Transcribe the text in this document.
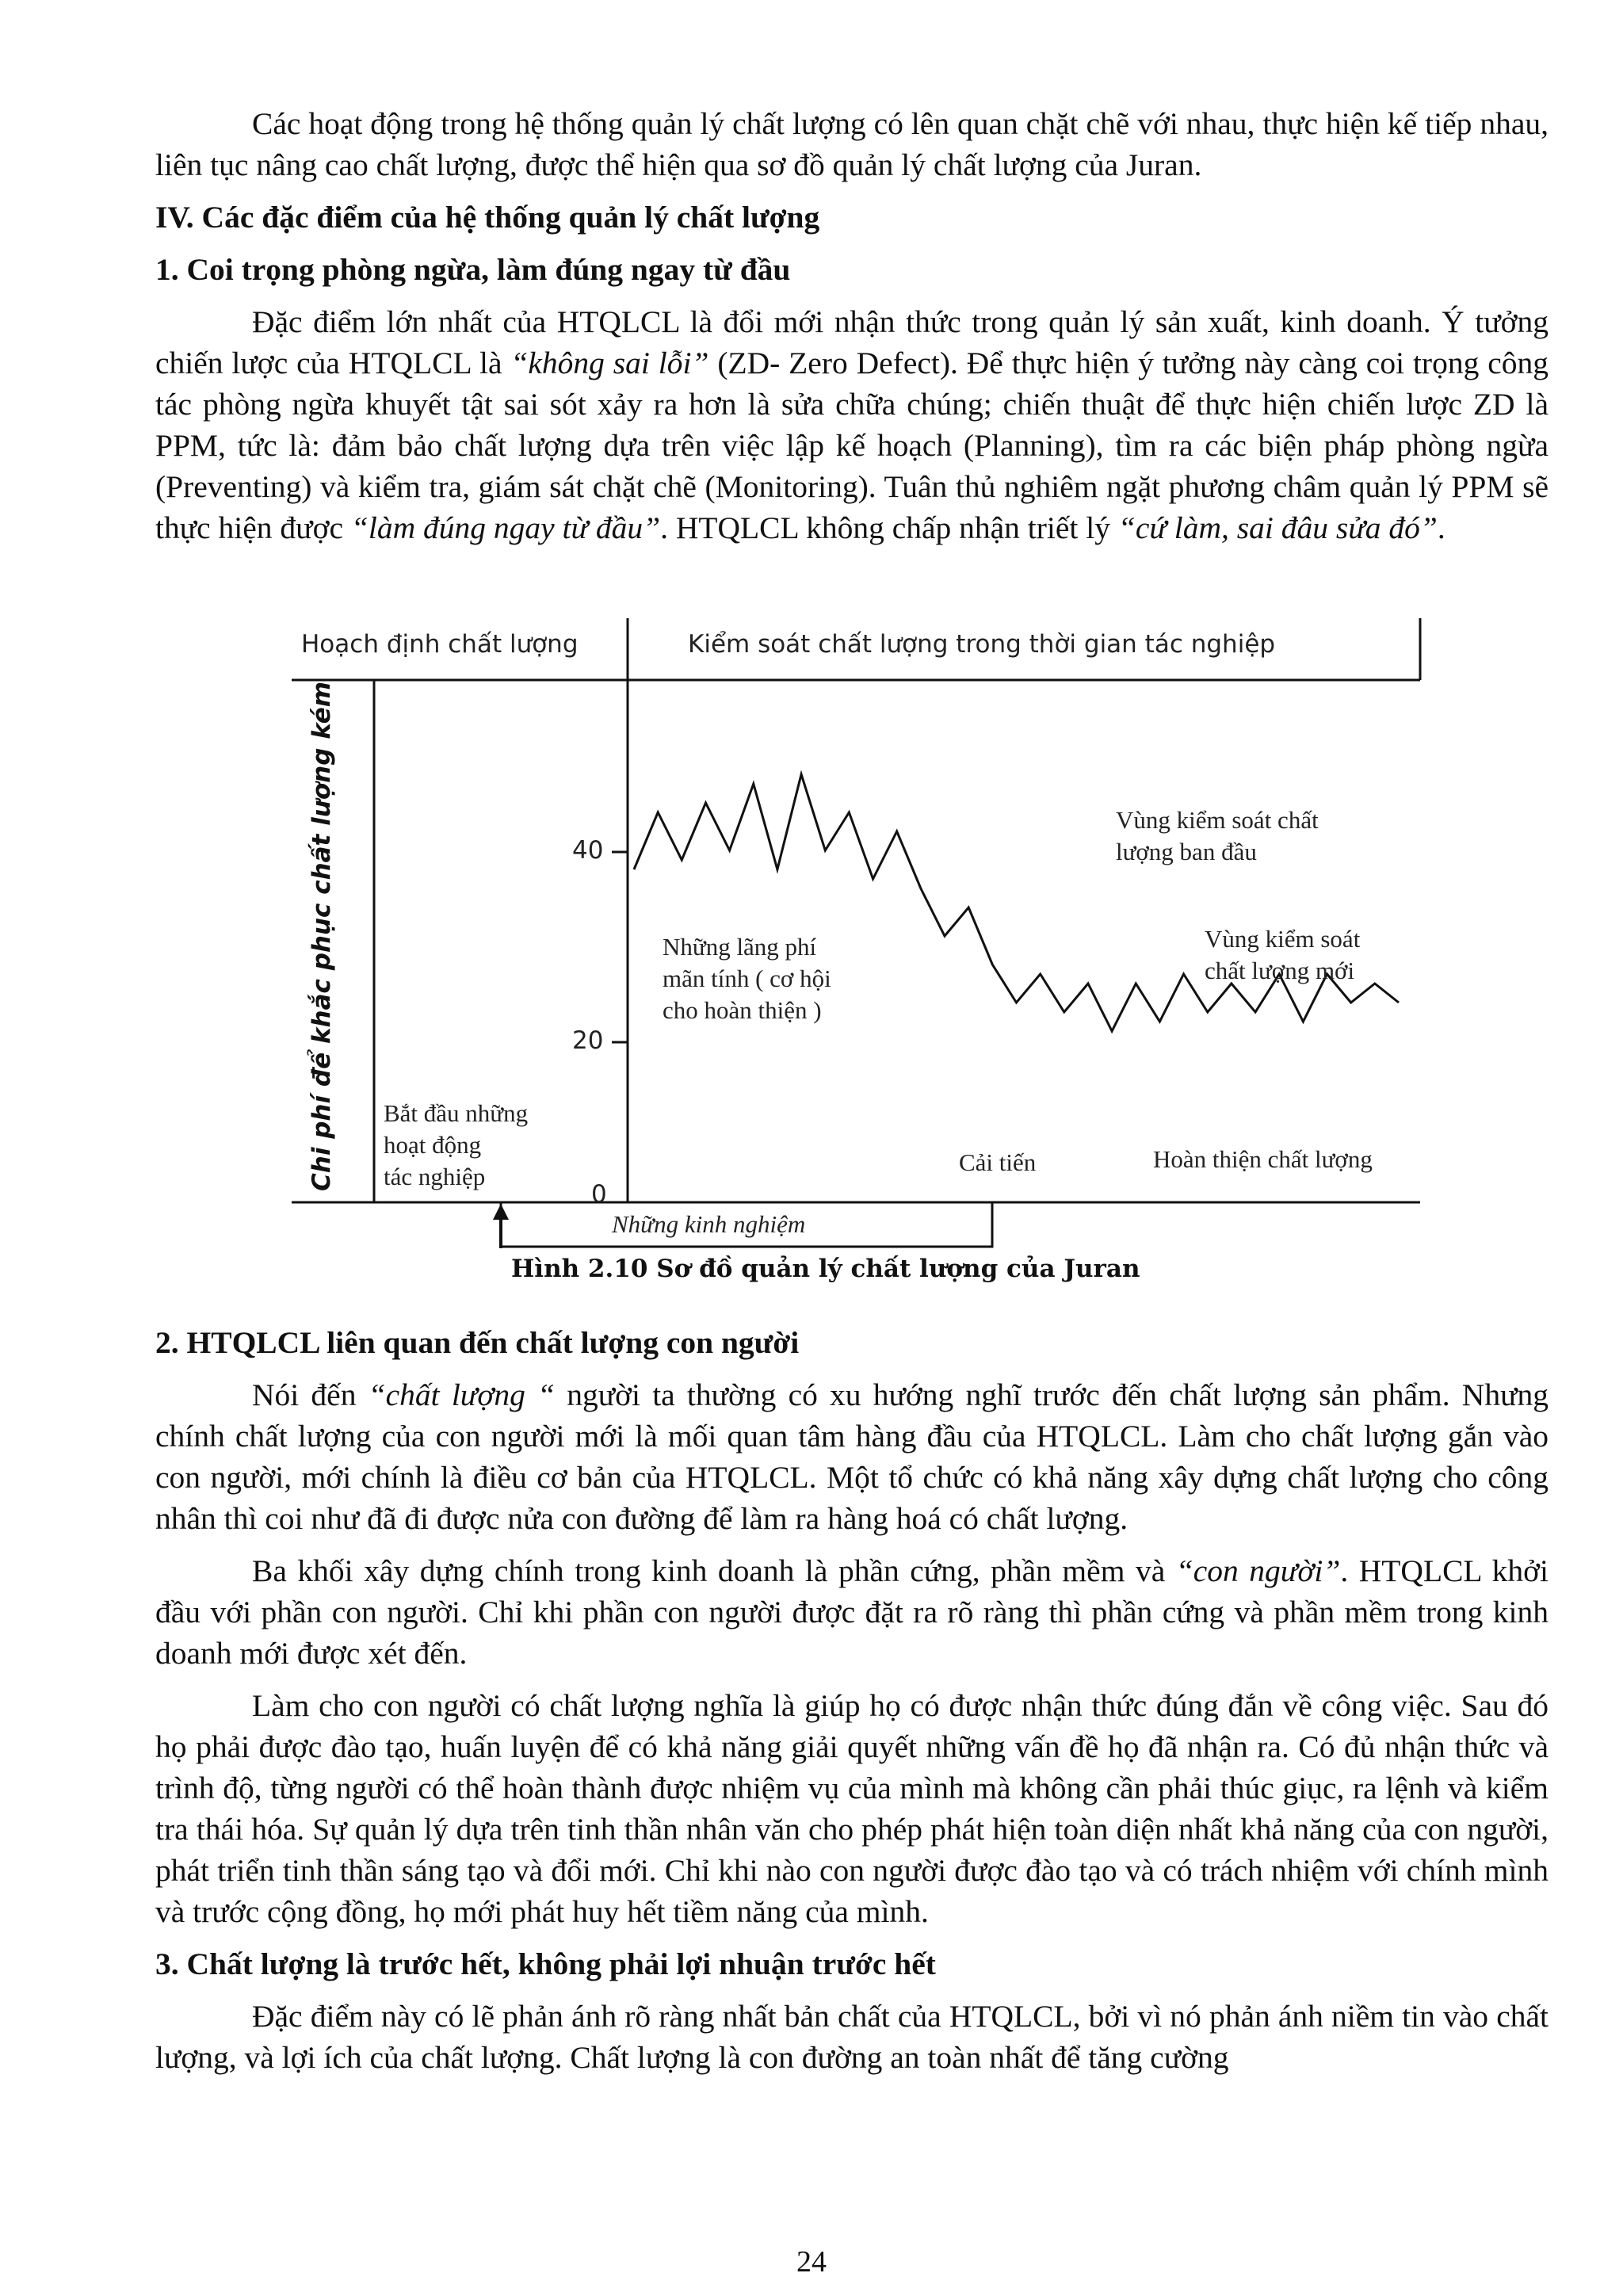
Các hoạt động trong hệ thống quản lý chất lượng có lên quan chặt chẽ với nhau, thực hiện kế tiếp nhau, liên tục nâng cao chất lượng, được thể hiện qua sơ đồ quản lý chất lượng của Juran.

IV. Các đặc điểm của hệ thống quản lý chất lượng

1. Coi trọng phòng ngừa, làm đúng ngay từ đầu

Đặc điểm lớn nhất của HTQLCL là đổi mới nhận thức trong quản lý sản xuất, kinh doanh. Ý tưởng chiến lược của HTQLCL là “không sai lỗi” (ZD- Zero Defect). Để thực hiện ý tưởng này càng coi trọng công tác phòng ngừa khuyết tật sai sót xảy ra hơn là sửa chữa chúng; chiến thuật để thực hiện chiến lược ZD là PPM, tức là: đảm bảo chất lượng dựa trên việc lập kế hoạch (Planning), tìm ra các biện pháp phòng ngừa (Preventing) và kiểm tra, giám sát chặt chẽ (Monitoring). Tuân thủ nghiêm ngặt phương châm quản lý PPM sẽ thực hiện được “làm đúng ngay từ đầu”. HTQLCL không chấp nhận triết lý “cứ làm, sai đâu sửa đó”.

Hoạch định chất lượng	Kiểm soát chất lượng trong thời gian tác nghiệp
Chi phí để khắc phục chất lượng kém	40
20
0
Bắt đầu những
hoạt động
tác nghiệp
Những lãng phí
mãn tính ( cơ hội
cho hoàn thiện )
Vùng kiểm soát chất
lượng ban đầu
Vùng kiểm soát
chất lượng mới
Cải tiến	Hoàn thiện chất lượng
Những kinh nghiệm
Hình 2.10 Sơ đồ quản lý chất lượng của Juran

2. HTQLCL liên quan đến chất lượng con người

Nói đến “chất lượng “ người ta thường có xu hướng nghĩ trước đến chất lượng sản phẩm. Nhưng chính chất lượng của con người mới là mối quan tâm hàng đầu của HTQLCL. Làm cho chất lượng gắn vào con người, mới chính là điều cơ bản của HTQLCL. Một tổ chức có khả năng xây dựng chất lượng cho công nhân thì coi như đã đi được nửa con đường để làm ra hàng hoá có chất lượng.

Ba khối xây dựng chính trong kinh doanh là phần cứng, phần mềm và “con người”. HTQLCL khởi đầu với phần con người. Chỉ khi phần con người được đặt ra rõ ràng thì phần cứng và phần mềm trong kinh doanh mới được xét đến.

Làm cho con người có chất lượng nghĩa là giúp họ có được nhận thức đúng đắn về công việc. Sau đó họ phải được đào tạo, huấn luyện để có khả năng giải quyết những vấn đề họ đã nhận ra. Có đủ nhận thức và trình độ, từng người có thể hoàn thành được nhiệm vụ của mình mà không cần phải thúc giục, ra lệnh và kiểm tra thái hóa. Sự quản lý dựa trên tinh thần nhân văn cho phép phát hiện toàn diện nhất khả năng của con người, phát triển tinh thần sáng tạo và đổi mới. Chỉ khi nào con người được đào tạo và có trách nhiệm với chính mình và trước cộng đồng, họ mới phát huy hết tiềm năng của mình.

3. Chất lượng là trước hết, không phải lợi nhuận trước hết

Đặc điểm này có lẽ phản ánh rõ ràng nhất bản chất của HTQLCL, bởi vì nó phản ánh niềm tin vào chất lượng, và lợi ích của chất lượng. Chất lượng là con đường an toàn nhất để tăng cường

24
